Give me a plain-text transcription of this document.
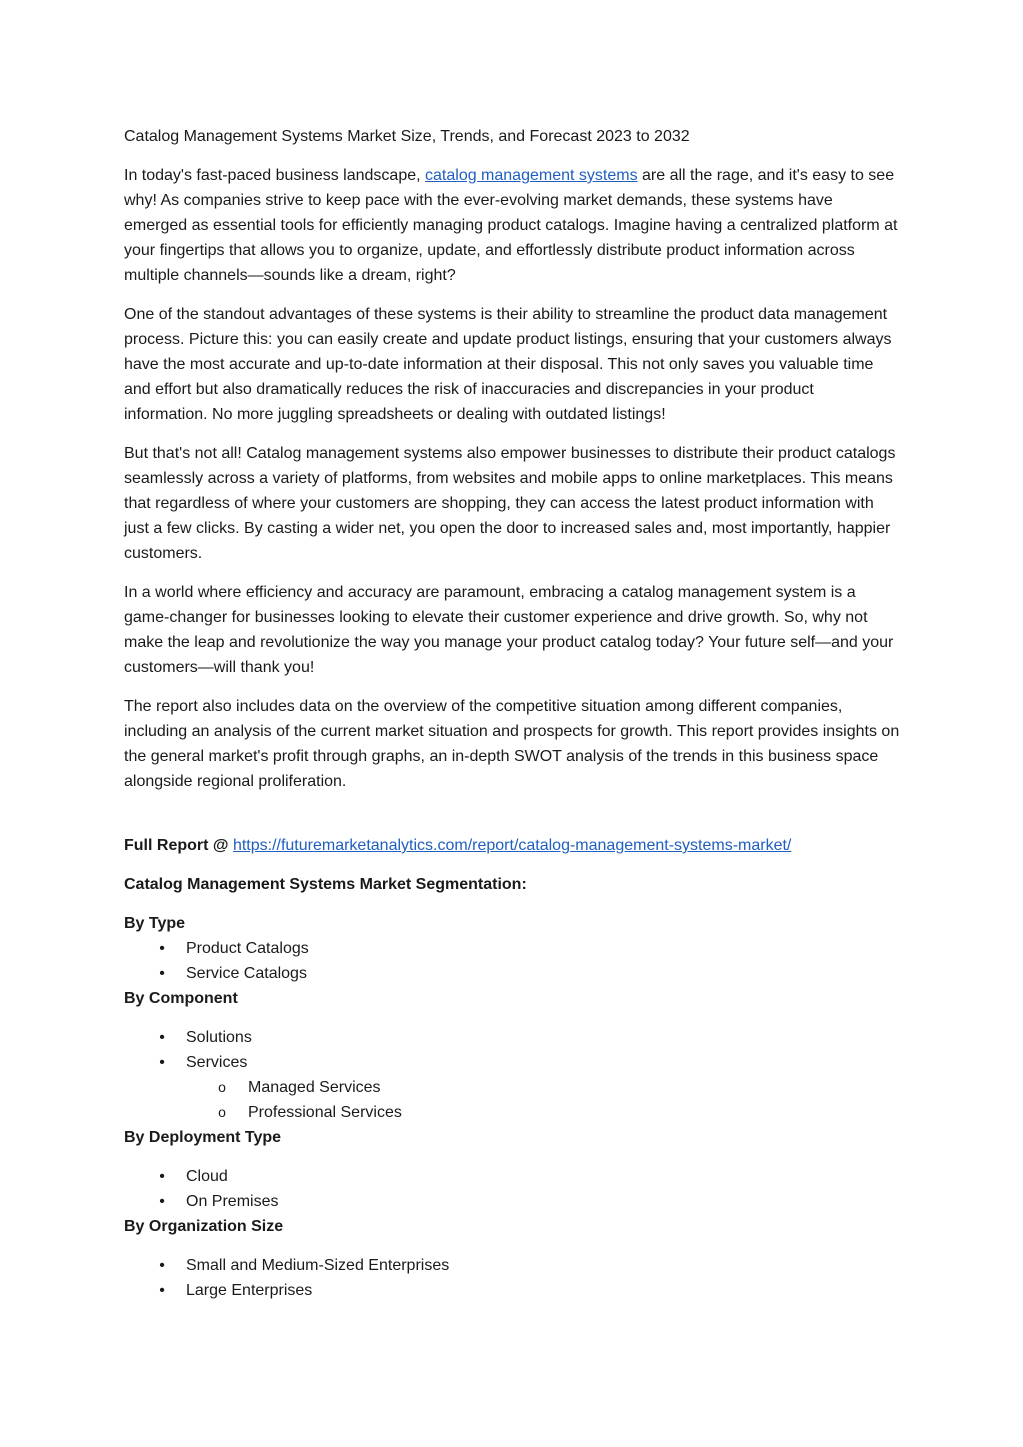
Catalog Management Systems Market Size, Trends, and Forecast 2023 to 2032

In today's fast-paced business landscape, catalog management systems are all the rage, and it's easy to see why! As companies strive to keep pace with the ever-evolving market demands, these systems have emerged as essential tools for efficiently managing product catalogs. Imagine having a centralized platform at your fingertips that allows you to organize, update, and effortlessly distribute product information across multiple channels—sounds like a dream, right?

One of the standout advantages of these systems is their ability to streamline the product data management process. Picture this: you can easily create and update product listings, ensuring that your customers always have the most accurate and up-to-date information at their disposal. This not only saves you valuable time and effort but also dramatically reduces the risk of inaccuracies and discrepancies in your product information. No more juggling spreadsheets or dealing with outdated listings!

But that's not all! Catalog management systems also empower businesses to distribute their product catalogs seamlessly across a variety of platforms, from websites and mobile apps to online marketplaces. This means that regardless of where your customers are shopping, they can access the latest product information with just a few clicks. By casting a wider net, you open the door to increased sales and, most importantly, happier customers.

In a world where efficiency and accuracy are paramount, embracing a catalog management system is a game-changer for businesses looking to elevate their customer experience and drive growth. So, why not make the leap and revolutionize the way you manage your product catalog today? Your future self—and your customers—will thank you!

The report also includes data on the overview of the competitive situation among different companies, including an analysis of the current market situation and prospects for growth. This report provides insights on the general market's profit through graphs, an in-depth SWOT analysis of the trends in this business space alongside regional proliferation.

Full Report @ https://futuremarketanalytics.com/report/catalog-management-systems-market/
Catalog Management Systems Market Segmentation:
By Type
• Product Catalogs
• Service Catalogs
By Component
• Solutions
• Services
o Managed Services
o Professional Services
By Deployment Type
• Cloud
• On Premises
By Organization Size
• Small and Medium-Sized Enterprises
• Large Enterprises
